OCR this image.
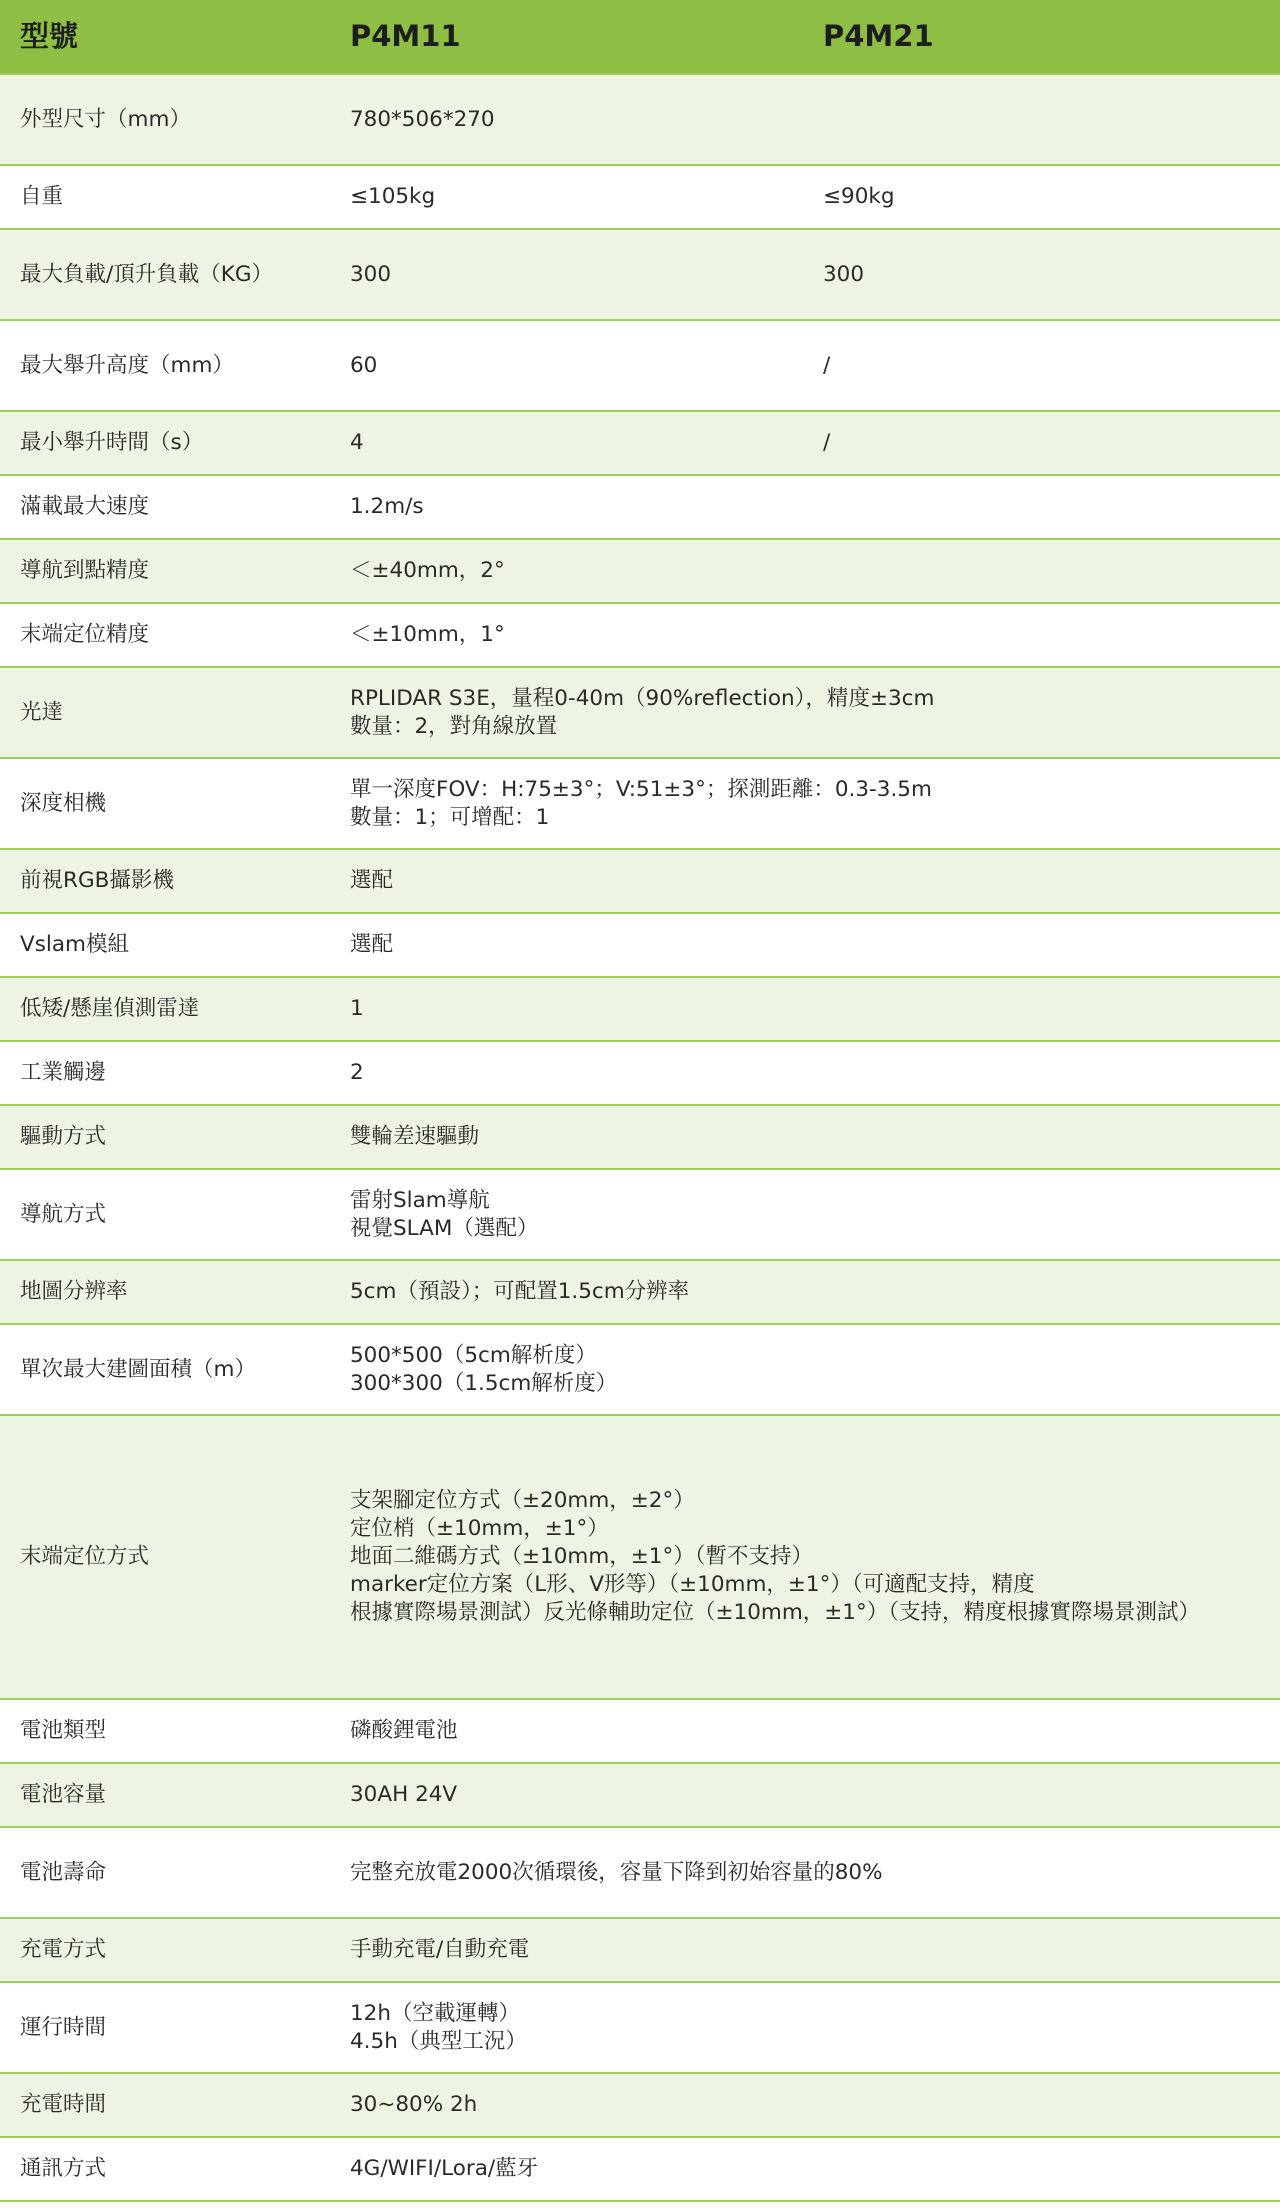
型號	P4M11	P4M21
外型尺寸（mm）	780*506*270	

自重	≤105kg	≤90kg

最大負載/頂升負載（KG）	300	300

最大舉升高度（mm）	60	/

最小舉升時間（s）	4	/

滿載最大速度	1.2m/s	

導航到點精度	＜±40mm，2°	

末端定位精度	＜±10mm，1°	

光達	RPLIDAR S3E，量程0-40m（90%reflection），精度±3cm
數量：2，對角線放置	

深度相機	單一深度FOV：H:75±3°；V:51±3°；探測距離：0.3-3.5m
數量：1；可增配：1	

前視RGB攝影機	選配	

Vslam模組	選配	

低矮/懸崖偵測雷達	1	

工業觸邊	2	

驅動方式	雙輪差速驅動	

導航方式	雷射Slam導航
視覺SLAM（選配）	

地圖分辨率	5cm（預設）；可配置1.5cm分辨率	

單次最大建圖面積（m）	500*500（5cm解析度）
300*300（1.5cm解析度）	

末端定位方式	支架腳定位方式（±20mm，±2°）
定位梢（±10mm，±1°）
地面二維碼方式（±10mm，±1°）（暫不支持）
marker定位方案（L形、V形等）（±10mm，±1°）（可適配支持，精度
根據實際場景測試）反光條輔助定位（±10mm，±1°）（支持，精度根據實際場景測試）	

電池類型	磷酸鋰電池	

電池容量	30AH 24V	

電池壽命	完整充放電2000次循環後，容量下降到初始容量的80%	

充電方式	手動充電/自動充電	

運行時間	12h（空載運轉）
4.5h（典型工況）	

充電時間	30~80% 2h	

通訊方式	4G/WIFI/Lora/藍牙	
